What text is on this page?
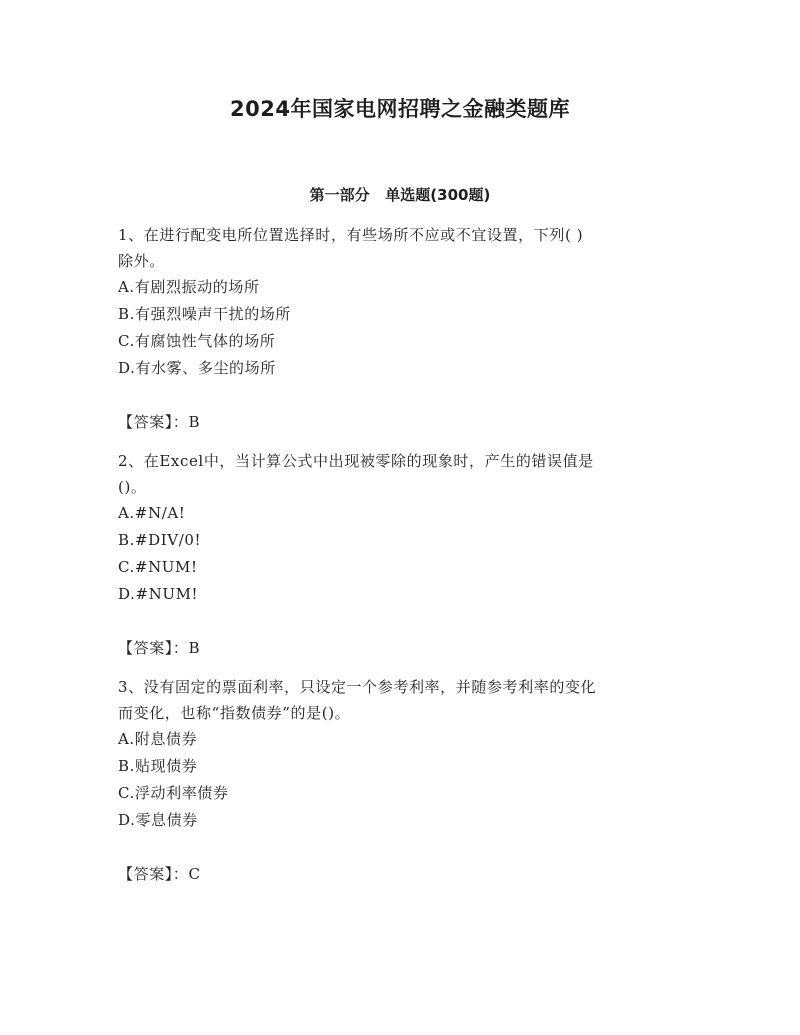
2024年国家电网招聘之金融类题库
第一部分   单选题(300题)

1、在进行配变电所位置选择时，有些场所不应或不宜设置，下列( )

除外。

A.有剧烈振动的场所

B.有强烈噪声干扰的场所

C.有腐蚀性气体的场所

D.有水雾、多尘的场所

【答案】：B

2、在Excel中，当计算公式中出现被零除的现象时，产生的错误值是

()。

A.#N/A!

B.#DIV/0!

C.#NUM!

D.#NUM!

【答案】：B

3、没有固定的票面利率，只设定一个参考利率，并随参考利率的变化

而变化，也称“指数债券”的是()。

A.附息债券

B.贴现债券

C.浮动利率债券

D.零息债券

【答案】：C
